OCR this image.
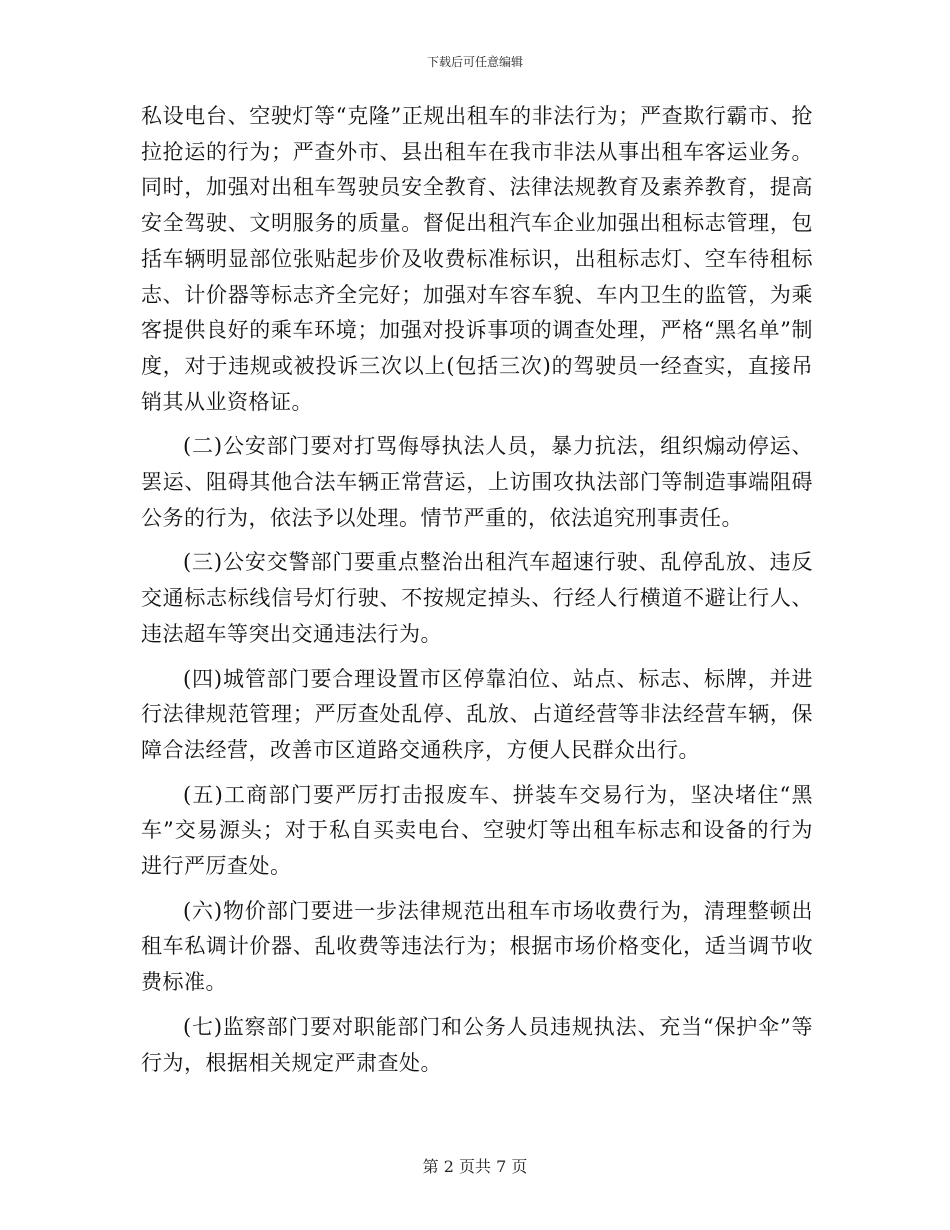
下载后可任意编辑

私设电台、空驶灯等“克隆”正规出租车的非法行为；严查欺行霸市、抢拉抢运的行为；严查外市、县出租车在我市非法从事出租车客运业务。同时，加强对出租车驾驶员安全教育、法律法规教育及素养教育，提高安全驾驶、文明服务的质量。督促出租汽车企业加强出租标志管理，包括车辆明显部位张贴起步价及收费标准标识，出租标志灯、空车待租标志、计价器等标志齐全完好；加强对车容车貌、车内卫生的监管，为乘客提供良好的乘车环境；加强对投诉事项的调查处理，严格“黑名单”制度，对于违规或被投诉三次以上(包括三次)的驾驶员一经查实，直接吊销其从业资格证。

(二)公安部门要对打骂侮辱执法人员，暴力抗法，组织煽动停运、罢运、阻碍其他合法车辆正常营运，上访围攻执法部门等制造事端阻碍公务的行为，依法予以处理。情节严重的，依法追究刑事责任。

(三)公安交警部门要重点整治出租汽车超速行驶、乱停乱放、违反交通标志标线信号灯行驶、不按规定掉头、行经人行横道不避让行人、违法超车等突出交通违法行为。

(四)城管部门要合理设置市区停靠泊位、站点、标志、标牌，并进行法律规范管理；严厉查处乱停、乱放、占道经营等非法经营车辆，保障合法经营，改善市区道路交通秩序，方便人民群众出行。

(五)工商部门要严厉打击报废车、拼装车交易行为，坚决堵住“黑车”交易源头；对于私自买卖电台、空驶灯等出租车标志和设备的行为进行严厉查处。

(六)物价部门要进一步法律规范出租车市场收费行为，清理整顿出租车私调计价器、乱收费等违法行为；根据市场价格变化，适当调节收费标准。

(七)监察部门要对职能部门和公务人员违规执法、充当“保护伞”等行为，根据相关规定严肃查处。

第 2 页共 7 页
